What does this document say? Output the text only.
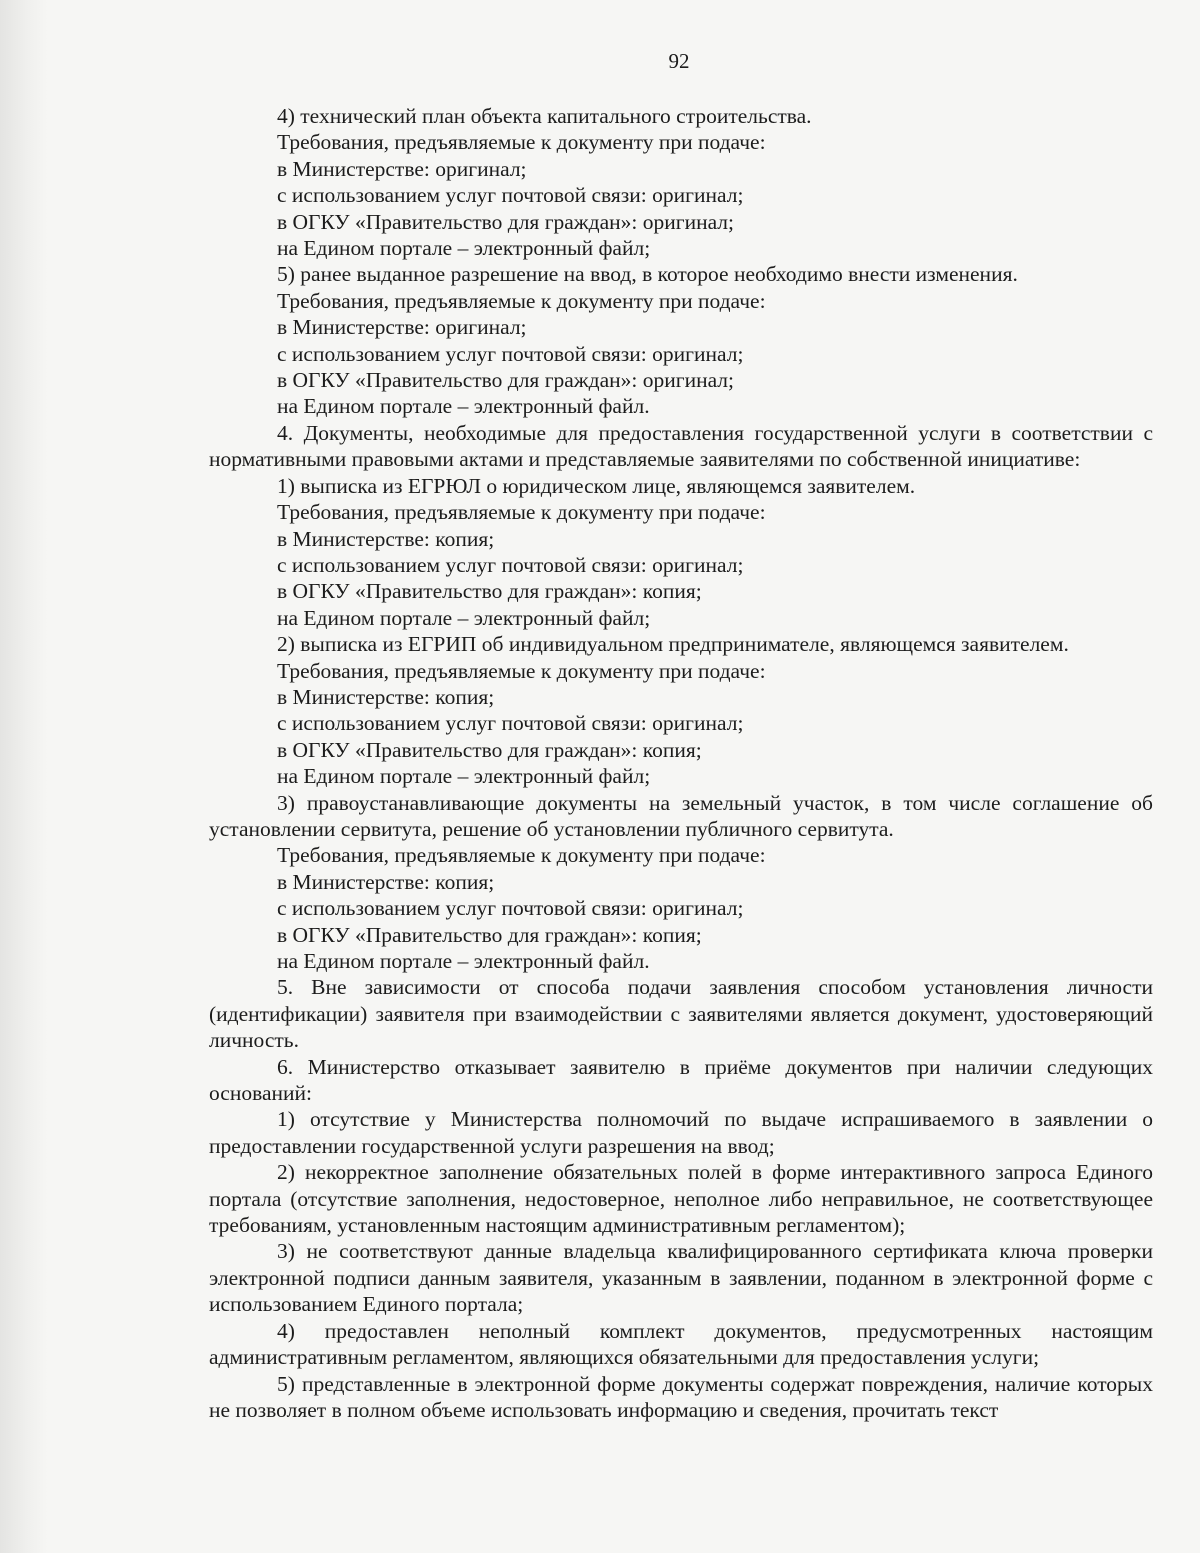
92

4) технический план объекта капитального строительства.

Требования, предъявляемые к документу при подаче:

в Министерстве: оригинал;

с использованием услуг почтовой связи: оригинал;

в ОГКУ «Правительство для граждан»: оригинал;

на Едином портале – электронный файл;

5) ранее выданное разрешение на ввод, в которое необходимо внести изменения.

Требования, предъявляемые к документу при подаче:

в Министерстве: оригинал;

с использованием услуг почтовой связи: оригинал;

в ОГКУ «Правительство для граждан»: оригинал;

на Едином портале – электронный файл.

4. Документы, необходимые для предоставления государственной услуги в соответствии с нормативными правовыми актами и представляемые заявителями по собственной инициативе:

1) выписка из ЕГРЮЛ о юридическом лице, являющемся заявителем.

Требования, предъявляемые к документу при подаче:

в Министерстве: копия;

с использованием услуг почтовой связи: оригинал;

в ОГКУ «Правительство для граждан»: копия;

на Едином портале – электронный файл;

2) выписка из ЕГРИП об индивидуальном предпринимателе, являющемся заявителем.

Требования, предъявляемые к документу при подаче:

в Министерстве: копия;

с использованием услуг почтовой связи: оригинал;

в ОГКУ «Правительство для граждан»: копия;

на Едином портале – электронный файл;

3) правоустанавливающие документы на земельный участок, в том числе соглашение об установлении сервитута, решение об установлении публичного сервитута.

Требования, предъявляемые к документу при подаче:

в Министерстве: копия;

с использованием услуг почтовой связи: оригинал;

в ОГКУ «Правительство для граждан»: копия;

на Едином портале – электронный файл.

5. Вне зависимости от способа подачи заявления способом установления личности (идентификации) заявителя при взаимодействии с заявителями является документ, удостоверяющий личность.

6. Министерство отказывает заявителю в приёме документов при наличии следующих оснований:

1) отсутствие у Министерства полномочий по выдаче испрашиваемого в заявлении о предоставлении государственной услуги разрешения на ввод;

2) некорректное заполнение обязательных полей в форме интерактивного запроса Единого портала (отсутствие заполнения, недостоверное, неполное либо неправильное, не соответствующее требованиям, установленным настоящим административным регламентом);

3) не соответствуют данные владельца квалифицированного сертификата ключа проверки электронной подписи данным заявителя, указанным в заявлении, поданном в электронной форме с использованием Единого портала;

4) предоставлен неполный комплект документов, предусмотренных настоящим административным регламентом, являющихся обязательными для предоставления услуги;

5) представленные в электронной форме документы содержат повреждения, наличие которых не позволяет в полном объеме использовать информацию и сведения, прочитать текст
